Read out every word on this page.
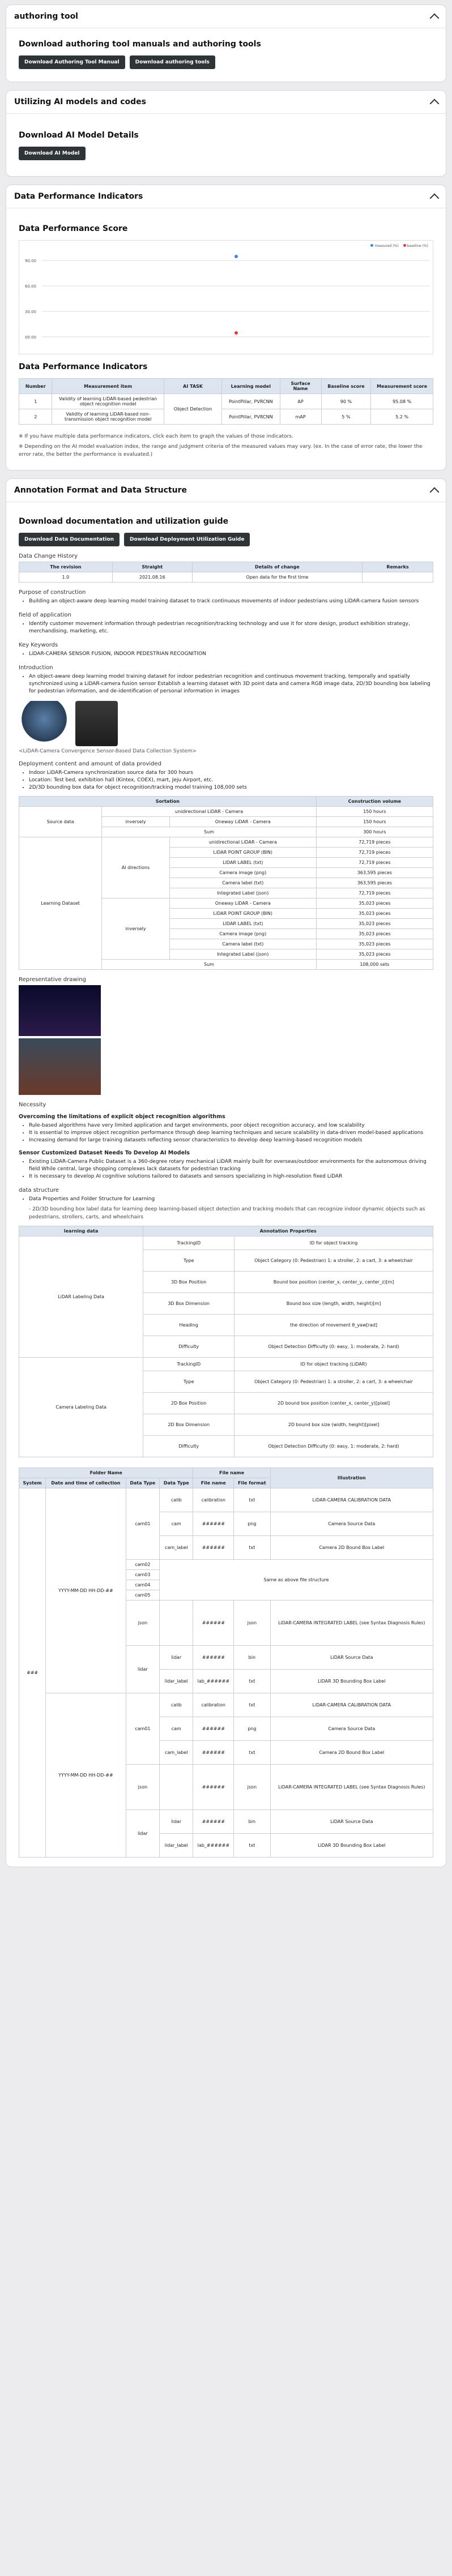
authoring tool
Download authoring tool manuals and authoring tools
Download Authoring Tool Manual	Download authoring tools
Utilizing AI models and codes
Download AI Model Details
Download AI Model
Data Performance Indicators
Data Performance Score
measured (%)	baseline (%)
90.00
60.00
30.00
00.00
Data Performance Indicators
Number	Measurement item	AI TASK	Learning model	Surface Name	Baseline score	Measurement score
1	Validity of learning LiDAR-based pedestrian object recognition model	Object Detection	PointPillar, PVRCNN	AP	90 %	95.08 %
2	Validity of learning LiDAR-based non-transmission object recognition model		PointPillar, PVRCNN	mAP	5 %	5.2 %

※ If you have multiple data performance indicators, click each item to graph the values of those indicators.

※ Depending on the AI model evaluation index, the range and judgment criteria of the measured values may vary. (ex. In the case of error rate, the lower the error rate, the better the performance is evaluated.)

Annotation Format and Data Structure
Download documentation and utilization guide
Download Data Documentation	Download Deployment Utilization Guide
Data Change History
The revision	Straight	Details of change	Remarks
1.0	2021.08.16	Open data for the first time	
Purpose of construction
• Building an object-aware deep learning model training dataset to track continuous movements of indoor pedestrians using LiDAR-camera fusion sensors
field of application
• Identify customer movement information through pedestrian recognition/tracking technology and use it for store design, product exhibition strategy, merchandising, marketing, etc.
Key Keywords
• LiDAR-CAMERA SENSOR FUSION, INDOOR PEDESTRIAN RECOGNITION
Introduction
• An object-aware deep learning model training dataset for indoor pedestrian recognition and continuous movement tracking, temporally and spatially synchronized using a LiDAR-camera fusion sensor Establish a learning dataset with 3D point data and camera RGB image data, 2D/3D bounding box labeling for pedestrian information, and de-identification of personal information in images
<LiDAR-Camera Convergence Sensor-Based Data Collection System>
Deployment content and amount of data provided
• Indoor LiDAR-Camera synchronization source data for 300 hours
• Location: Test bed, exhibition hall (Kintex, COEX), mart, Jeju Airport, etc.
• 2D/3D bounding box data for object recognition/tracking model training 108,000 sets
Sortation			Construction volume
Source data	unidirectional LiDAR - Camera		150 hours
	inversely	Oneway LiDAR - Camera	150 hours
	Sum		300 hours
Learning Dataset	AI directions	unidirectional LiDAR - Camera	72,719 pieces
		LiDAR POINT GROUP (BIN)	72,719 pieces
		LIDAR LABEL (txt)	72,719 pieces
		Camera image (png)	363,595 pieces
		Camera label (txt)	363,595 pieces
		Integrated Label (json)	72,719 pieces
	inversely	Oneway LiDAR - Camera	35,023 pieces
		LiDAR POINT GROUP (BIN)	35,023 pieces
		LIDAR LABEL (txt)	35,023 pieces
		Camera image (png)	35,023 pieces
		Camera label (txt)	35,023 pieces
		Integrated Label (json)	35,023 pieces
	Sum		108,000 sets
Representative drawing
Necessity
Overcoming the limitations of explicit object recognition algorithms
• Rule-based algorithms have very limited application and target environments, poor object recognition accuracy, and low scalability
• It is essential to improve object recognition performance through deep learning techniques and secure scalability in data-driven model-based applications
• Increasing demand for large training datasets reflecting sensor characteristics to develop deep learning-based recognition models
Sensor Customized Dataset Needs To Develop AI Models
• Existing LiDAR-Camera Public Dataset is a 360-degree rotary mechanical LiDAR mainly built for overseas/outdoor environments for the autonomous driving field While central, large shopping complexes lack datasets for pedestrian tracking
• It is necessary to develop AI cognitive solutions tailored to datasets and sensors specializing in high-resolution fixed LiDAR
data structure
• Data Properties and Folder Structure for Learning
- 2D/3D bounding box label data for learning deep learning-based object detection and tracking models that can recognize indoor dynamic objects such as pedestrians, strollers, carts, and wheelchairs
learning data	Annotation Properties	
LiDAR Labeling Data	TrackingID	ID for object tracking
	Type	Object Category (0: Pedestrian) 1: a stroller, 2: a cart, 3: a wheelchair
	3D Box Position	Bound box position (center_x, center_y, center_z)[m]
	3D Box Dimension	Bound box size (length, width, height)[m]
	Heading	the direction of movement θ_yaw[rad]
	Difficulty	Object Detection Difficulty (0: easy, 1: moderate, 2: hard)
Camera Labeling Data	TrackingID	ID for object tracking (LiDAR)
	Type	Object Category (0: Pedestrian) 1: a stroller, 2: a cart, 3: a wheelchair
	2D Box Position	2D bound box position (center_x, center_y)[pixel]
	2D Box Dimension	2D bound box size (width, height)[pixel]
	Difficulty	Object Detection Difficulty (0: easy, 1: moderate, 2: hard)
Folder Name				File name		Illustration
System	Date and time of collection	Data Type	Data Type	File name	File format	
###	YYYY-MM-DD HH-DD-##	cam01	calib	calibration	txt	LiDAR-CAMERA CALIBRATION DATA
			cam	######	png	Camera Source Data
			cam_label	######	txt	Camera 2D Bound Box Label
		cam02	Same as above file structure			
		cam03				
		cam04				
		cam05				
		json		######	json	LiDAR-CAMERA INTEGRATED LABEL (see Syntax Diagnosis Rules)
		lidar	lidar	######	bin	LiDAR Source Data
			lidar_label	lab_######	txt	LiDAR 3D Bounding Box Label
	YYYY-MM-DD HH-DD-##	cam01	calib	calibration	txt	LiDAR-CAMERA CALIBRATION DATA
			cam	######	png	Camera Source Data
			cam_label	######	txt	Camera 2D Bound Box Label
		json		######	json	LiDAR-CAMERA INTEGRATED LABEL (see Syntax Diagnosis Rules)
		lidar	lidar	######	bin	LiDAR Source Data
			lidar_label	lab_######	txt	LiDAR 3D Bounding Box Label
